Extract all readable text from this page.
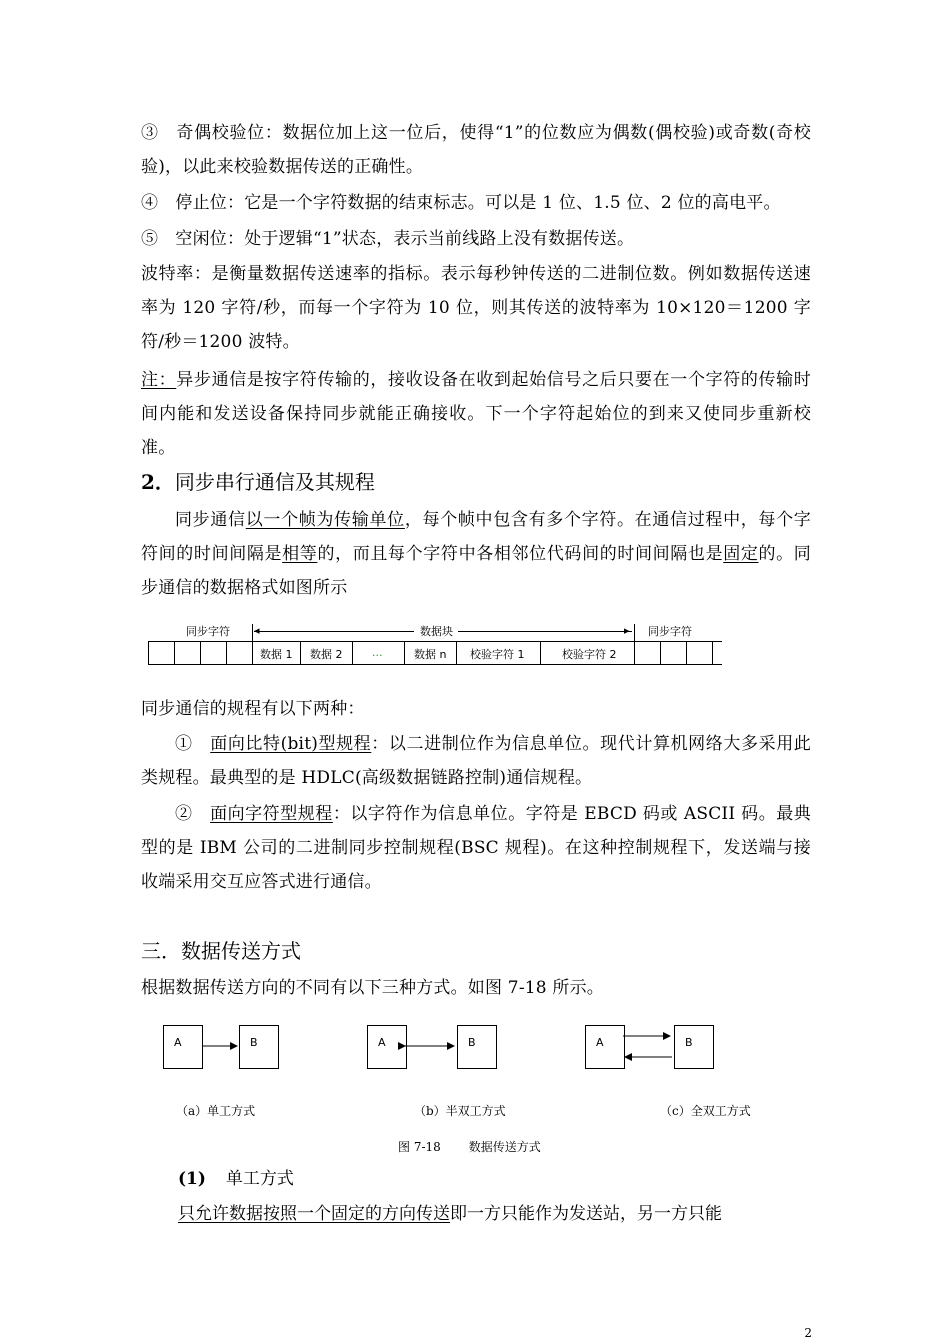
③　奇偶校验位：数据位加上这一位后，使得“1”的位数应为偶数(偶校验)或奇数(奇校验)，以此来校验数据传送的正确性。
④　停止位：它是一个字符数据的结束标志。可以是 1 位、1.5 位、2 位的高电平。
⑤　空闲位：处于逻辑“1”状态，表示当前线路上没有数据传送。
波特率：是衡量数据传送速率的指标。表示每秒钟传送的二进制位数。例如数据传送速率为 120 字符/秒，而每一个字符为 10 位，则其传送的波特率为 10×120＝1200 字符/秒＝1200 波特。
注：异步通信是按字符传输的，接收设备在收到起始信号之后只要在一个字符的传输时间内能和发送设备保持同步就能正确接收。下一个字符起始位的到来又使同步重新校准。
2．同步串行通信及其规程
同步通信以一个帧为传输单位，每个帧中包含有多个字符。在通信过程中，每个字符间的时间间隔是相等的，而且每个字符中各相邻位代码间的时间间隔也是固定的。同步通信的数据格式如图所示
◂	▸
同步字符	数据块	同步字符
数据 1 数据 2	...	数据 n 校验字符 1	校验字符 2
同步通信的规程有以下两种：
①　面向比特(bit)型规程：以二进制位作为信息单位。现代计算机网络大多采用此类规程。最典型的是 HDLC(高级数据链路控制)通信规程。
②　面向字符型规程：以字符作为信息单位。字符是 EBCD 码或 ASCII 码。最典型的是 IBM 公司的二进制同步控制规程(BSC 规程)。在这种控制规程下，发送端与接收端采用交互应答式进行通信。
三．数据传送方式
根据数据传送方向的不同有以下三种方式。如图 7-18 所示。
A	B	A	B	A	B
（a）单工方式	（b）半双工方式	（c）全双工方式
图 7-18 数据传送方式
(1) 单工方式
只允许数据按照一个固定的方向传送即一方只能作为发送站，另一方只能
2
